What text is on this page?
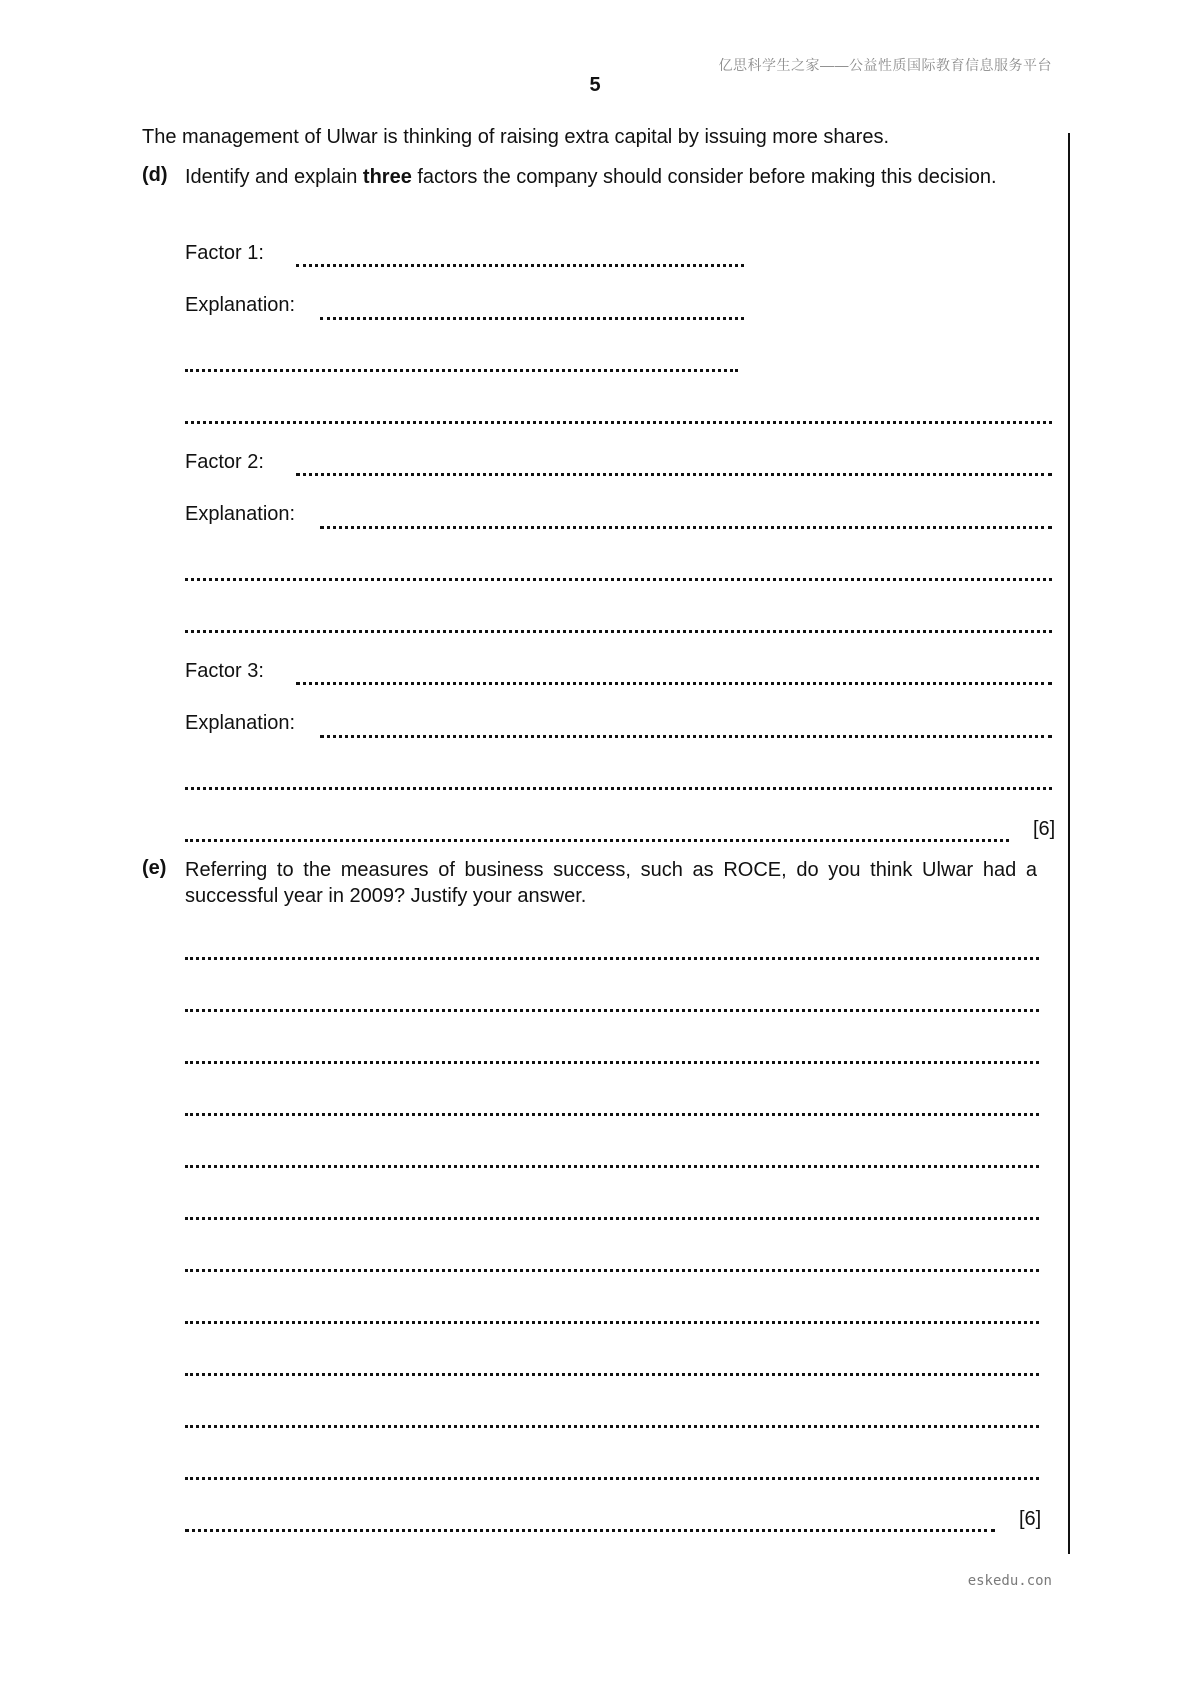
亿思科学生之家——公益性质国际教育信息服务平台
5
The management of Ulwar is thinking of raising extra capital by issuing more shares.
(d) Identify and explain three factors the company should consider before making this decision.
Factor 1:
Explanation:
Factor 2:
Explanation:
Factor 3:
Explanation:
[6]
(e) Referring to the measures of business success, such as ROCE, do you think Ulwar had a successful year in 2009? Justify your answer.
[6]
eskedu.con
